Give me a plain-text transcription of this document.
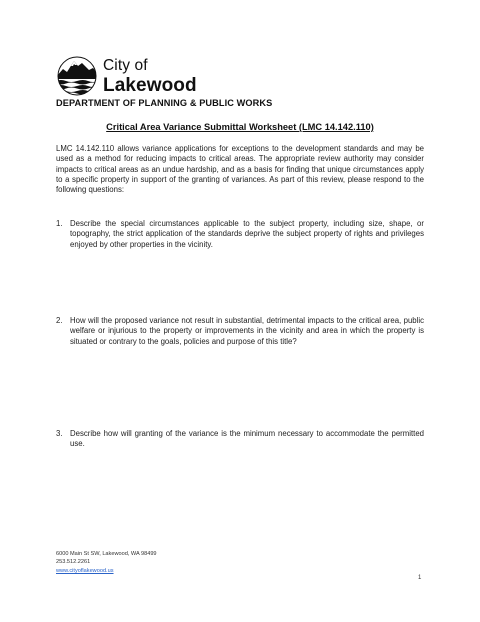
City of
Lakewood
DEPARTMENT OF PLANNING & PUBLIC WORKS
Critical Area Variance Submittal Worksheet (LMC 14.142.110)

LMC 14.142.110 allows variance applications for exceptions to the development standards and may be used as a method for reducing impacts to critical areas. The appropriate review authority may consider impacts to critical areas as an undue hardship, and as a basis for finding that unique circumstances apply to a specific property in support of the granting of variances. As part of this review, please respond to the following questions:

1. Describe the special circumstances applicable to the subject property, including size, shape, or topography, the strict application of the standards deprive the subject property of rights and privileges enjoyed by other properties in the vicinity.
2. How will the proposed variance not result in substantial, detrimental impacts to the critical area, public welfare or injurious to the property or improvements in the vicinity and area in which the property is situated or contrary to the goals, policies and purpose of this title?
3. Describe how will granting of the variance is the minimum necessary to accommodate the permitted use.
6000 Main St SW, Lakewood, WA 98499
253.512.2261
www.cityoflakewood.us
1
